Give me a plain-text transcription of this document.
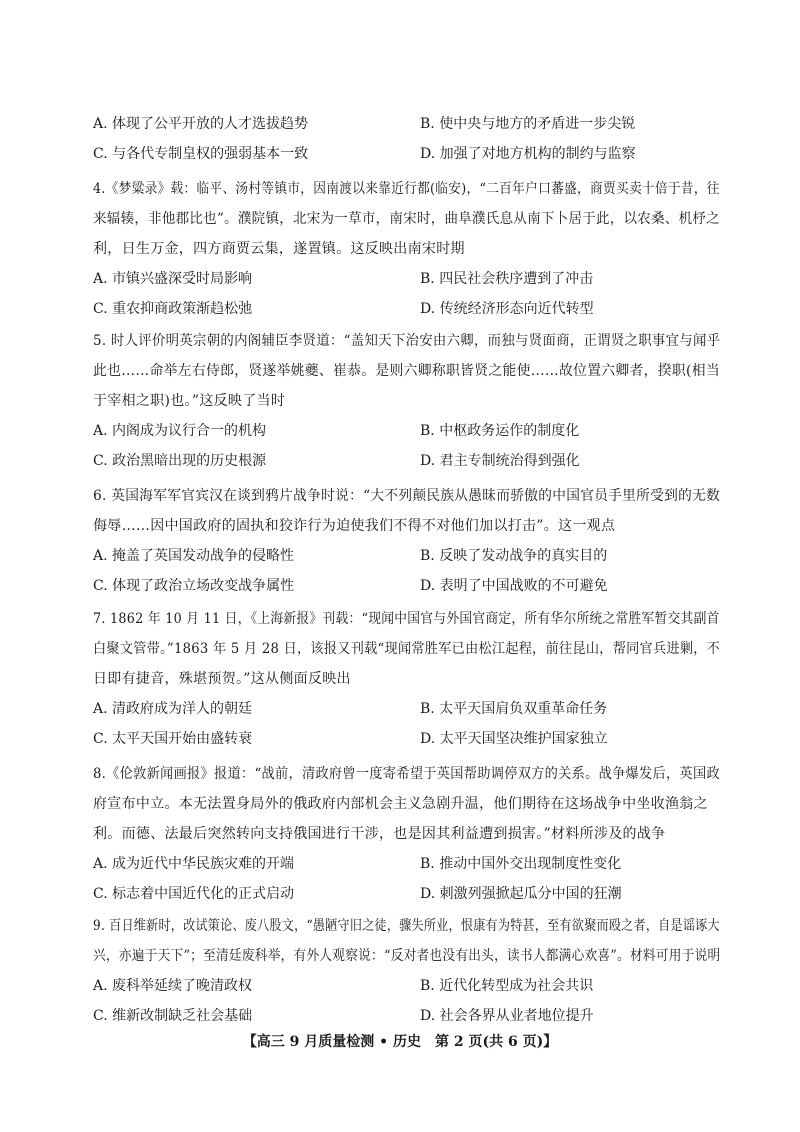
A. 体现了公平开放的人才选拔趋势	B. 使中央与地方的矛盾进一步尖锐
C. 与各代专制皇权的强弱基本一致	D. 加强了对地方机构的制约与监察
4.《梦粱录》载：临平、汤村等镇市，因南渡以来靠近行都(临安)，“二百年户口蕃盛，商贾买卖十倍于昔，往
来辐辏，非他郡比也”。濮院镇，北宋为一草市，南宋时，曲阜濮氏息从南下卜居于此，以农桑、机杼之
利，日生万金，四方商贾云集，遂置镇。这反映出南宋时期
A. 市镇兴盛深受时局影响	B. 四民社会秩序遭到了冲击
C. 重农抑商政策渐趋松弛	D. 传统经济形态向近代转型
5. 时人评价明英宗朝的内阁辅臣李贤道：“盖知天下治安由六卿，而独与贤面商，正谓贤之职事宜与闻乎
此也……命举左右侍郎，贤遂举姚夔、崔恭。是则六卿称职皆贤之能使……故位置六卿者，揆职(相当
于宰相之职)也。”这反映了当时
A. 内阁成为议行合一的机构	B. 中枢政务运作的制度化
C. 政治黑暗出现的历史根源	D. 君主专制统治得到强化
6. 英国海军军官宾汉在谈到鸦片战争时说：“大不列颠民族从愚昧而骄傲的中国官员手里所受到的无数
侮辱……因中国政府的固执和狡诈行为迫使我们不得不对他们加以打击”。这一观点
A. 掩盖了英国发动战争的侵略性	B. 反映了发动战争的真实目的
C. 体现了政治立场改变战争属性	D. 表明了中国战败的不可避免
7. 1862 年 10 月 11 日，《上海新报》刊载：“现闻中国官与外国官商定，所有华尔所统之常胜军暂交其副首
白聚文管带。”1863 年 5 月 28 日，该报又刊载“现闻常胜军已由松江起程，前往昆山，帮同官兵进剿，不
日即有捷音，殊堪预贺。”这从侧面反映出
A. 清政府成为洋人的朝廷	B. 太平天国肩负双重革命任务
C. 太平天国开始由盛转衰	D. 太平天国坚决维护国家独立
8.《伦敦新闻画报》报道：“战前，清政府曾一度寄希望于英国帮助调停双方的关系。战争爆发后，英国政
府宣布中立。本无法置身局外的俄政府内部机会主义急剧升温，他们期待在这场战争中坐收渔翁之
利。而德、法最后突然转向支持俄国进行干涉，也是因其利益遭到损害。”材料所涉及的战争
A. 成为近代中华民族灾难的开端	B. 推动中国外交出现制度性变化
C. 标志着中国近代化的正式启动	D. 刺激列强掀起瓜分中国的狂潮
9. 百日维新时，改试策论、废八股文，“愚陋守旧之徒，骤失所业，恨康有为特甚，至有欲聚而殴之者，自是谣诼大
兴，亦遍于天下”；至清廷废科举，有外人观察说：“反对者也没有出头，读书人都满心欢喜”。材料可用于说明
A. 废科举延续了晚清政权	B. 近代化转型成为社会共识
C. 维新改制缺乏社会基础	D. 社会各界从业者地位提升
【高三 9 月质量检测 • 历史　第 2 页(共 6 页)】
